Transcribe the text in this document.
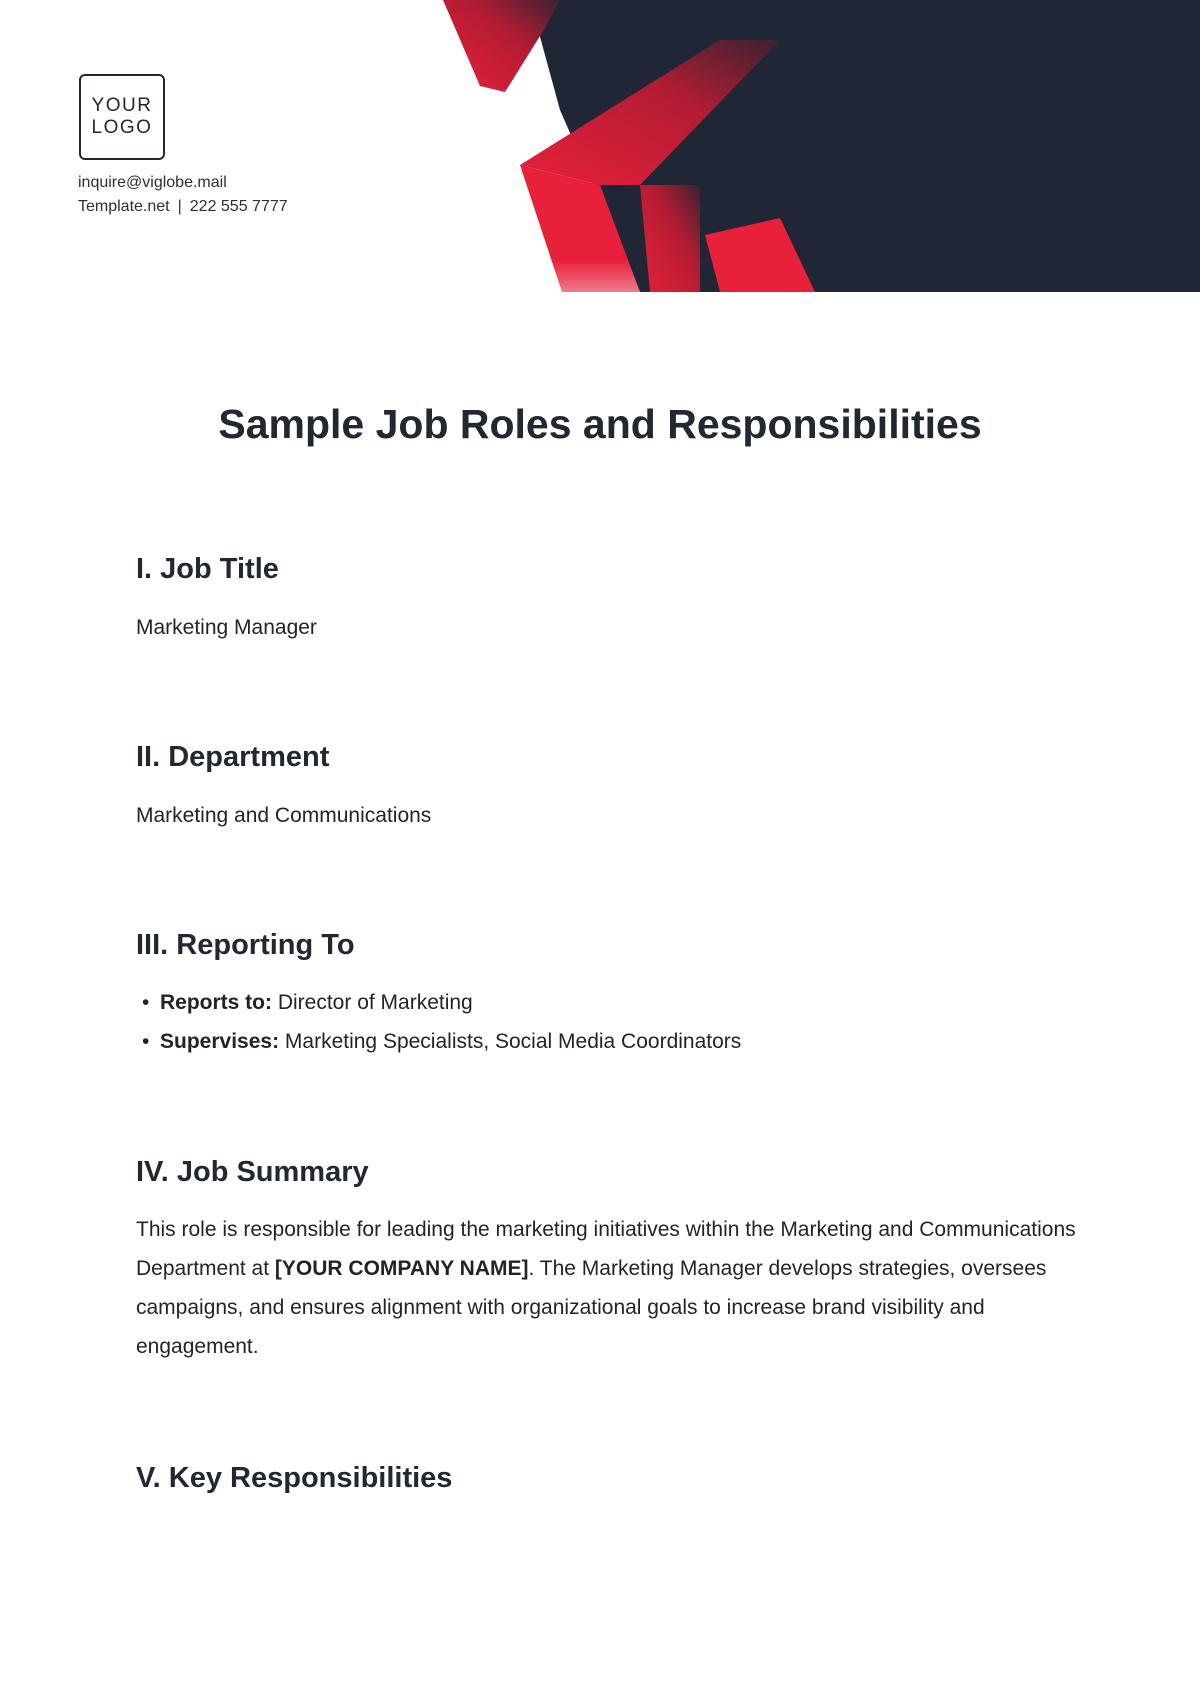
YOUR
LOGO
inquire@viglobe.mail
Template.net | 222 555 7777
Sample Job Roles and Responsibilities
I. Job Title

Marketing Manager

II. Department

Marketing and Communications

III. Reporting To
• Reports to: Director of Marketing
• Supervises: Marketing Specialists, Social Media Coordinators
IV. Job Summary

This role is responsible for leading the marketing initiatives within the Marketing and Communications Department at [YOUR COMPANY NAME]. The Marketing Manager develops strategies, oversees campaigns, and ensures alignment with organizational goals to increase brand visibility and engagement.

V. Key Responsibilities
